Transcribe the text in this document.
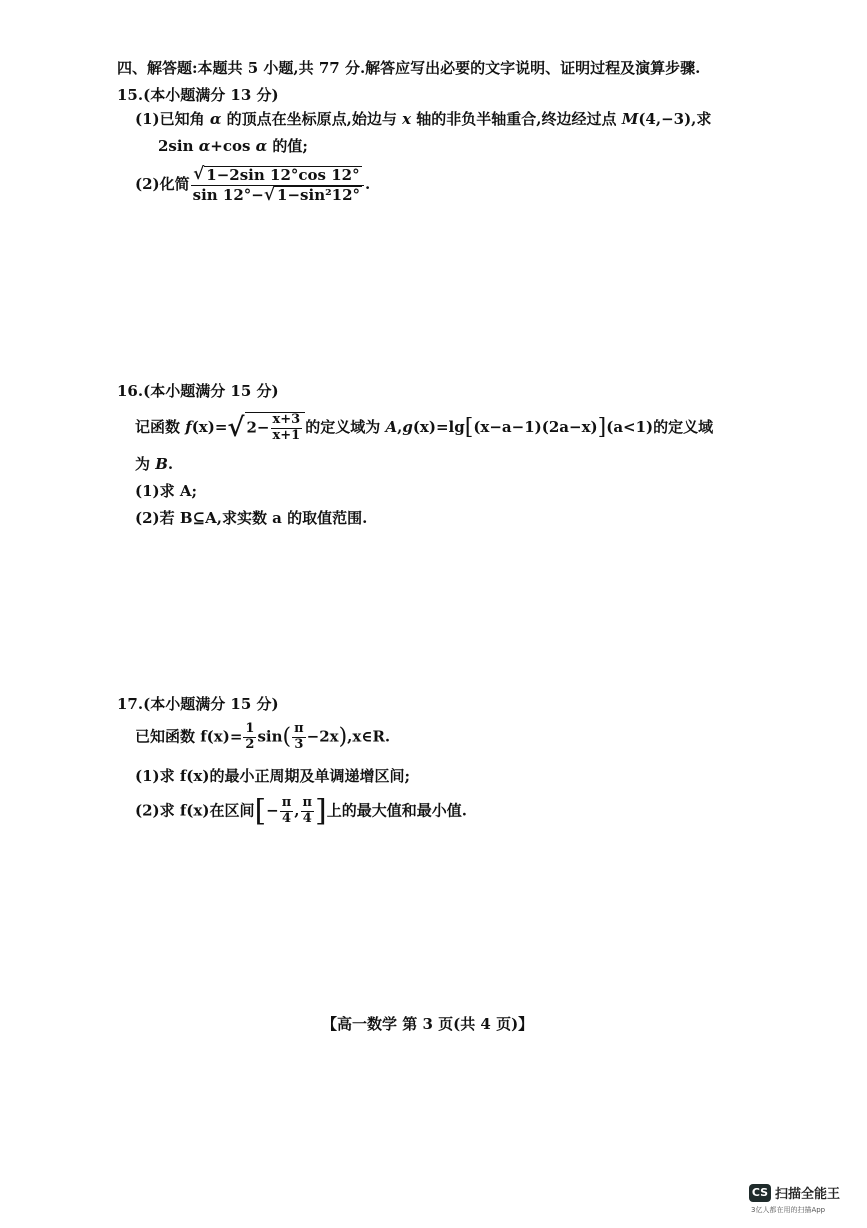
四、解答题:本题共 5 小题,共 77 分.解答应写出必要的文字说明、证明过程及演算步骤.
15.(本小题满分 13 分)
(1)已知角 α 的顶点在坐标原点,始边与 x 轴的非负半轴重合,终边经过点 M(4,−3),求
2sin α+cos α 的值;
(2)化简 $\frac{√ 1-2\sin 12^\circ\cos 12^\circ}{\text{sin 12°−√ 1−sin²12°}}$ .
16.(本小题满分 15 分)
记函数 f(x)=√ $2- \frac{x+3}{x+1}$ 的定义域为 A,g(x)=lg[(x−a−1)(2a−x)](a<1)的定义域
为 B.
(1)求 A;
(2)若 B⊆A,求实数 a 的取值范围.
17.(本小题满分 15 分)
已知函数 $f(x)= \frac{1}{2} \sin( \frac{\pi}{3}$ −2x),x∈R.
(1)求 f(x)的最小正周期及单调递增区间;
(2)求 f(x)在区间[− $\frac{\pi}{4}$ , $\frac{\pi}{4}$ ]上的最大值和最小值.
【高一数学 第 3 页(共 4 页)】
CS 扫描全能王
3亿人都在用的扫描App
